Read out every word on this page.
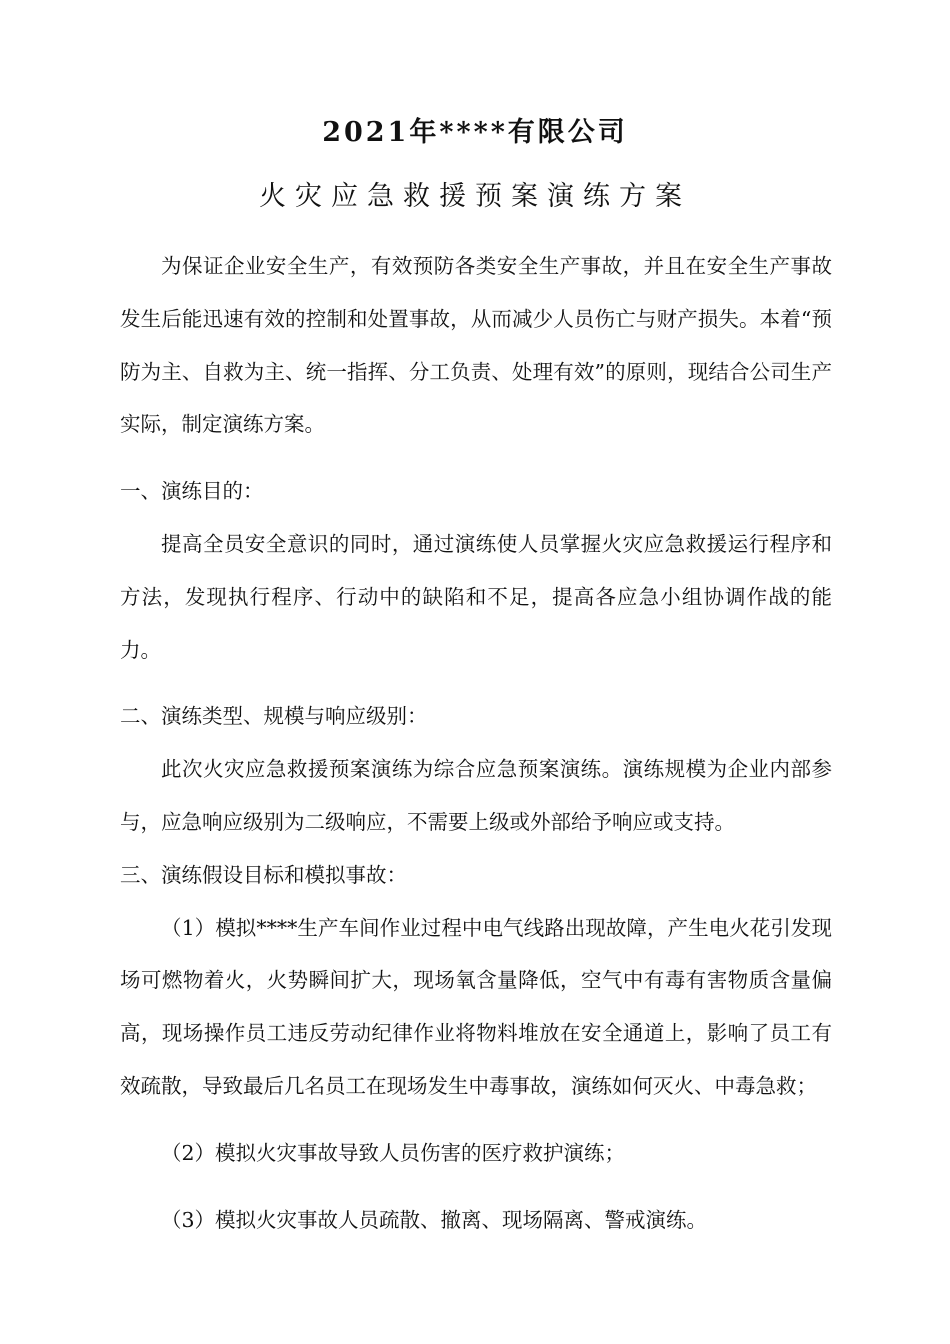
2021年****有限公司
火灾应急救援预案演练方案

为保证企业安全生产，有效预防各类安全生产事故，并且在安全生产事故发生后能迅速有效的控制和处置事故，从而减少人员伤亡与财产损失。本着“预防为主、自救为主、统一指挥、分工负责、处理有效”的原则，现结合公司生产实际，制定演练方案。

一、演练目的：

提高全员安全意识的同时，通过演练使人员掌握火灾应急救援运行程序和方法，发现执行程序、行动中的缺陷和不足，提高各应急小组协调作战的能力。

二、演练类型、规模与响应级别：

此次火灾应急救援预案演练为综合应急预案演练。演练规模为企业内部参与，应急响应级别为二级响应，不需要上级或外部给予响应或支持。

三、演练假设目标和模拟事故：

（1）模拟****生产车间作业过程中电气线路出现故障，产生电火花引发现场可燃物着火，火势瞬间扩大，现场氧含量降低，空气中有毒有害物质含量偏高，现场操作员工违反劳动纪律作业将物料堆放在安全通道上，影响了员工有效疏散，导致最后几名员工在现场发生中毒事故，演练如何灭火、中毒急救；

（2）模拟火灾事故导致人员伤害的医疗救护演练；

（3）模拟火灾事故人员疏散、撤离、现场隔离、警戒演练。
